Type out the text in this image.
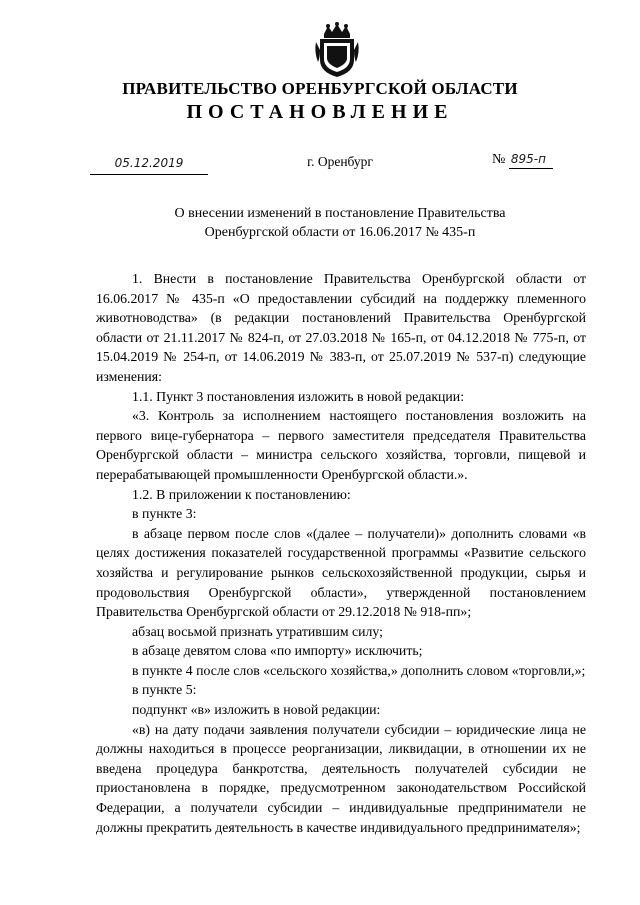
ПРАВИТЕЛЬСТВО ОРЕНБУРГСКОЙ ОБЛАСТИ
ПОСТАНОВЛЕНИЕ
05.12.2019	г. Оренбург	№ 895-п
О внесении изменений в постановление Правительства
Оренбургской области от 16.06.2017 № 435-п

1. Внести в постановление Правительства Оренбургской области от 16.06.2017 № 435-п «О предоставлении субсидий на поддержку племенного животноводства» (в редакции постановлений Правительства Оренбургской области от 21.11.2017 № 824-п, от 27.03.2018 № 165-п, от 04.12.2018 № 775-п, от 15.04.2019 № 254-п, от 14.06.2019 № 383-п, от 25.07.2019 № 537-п) следующие изменения:

1.1. Пункт 3 постановления изложить в новой редакции:

«3. Контроль за исполнением настоящего постановления возложить на первого вице-губернатора – первого заместителя председателя Правительства Оренбургской области – министра сельского хозяйства, торговли, пищевой и перерабатывающей промышленности Оренбургской области.».

1.2. В приложении к постановлению:

в пункте 3:

в абзаце первом после слов «(далее – получатели)» дополнить словами «в целях достижения показателей государственной программы «Развитие сельского хозяйства и регулирование рынков сельскохозяйственной продукции, сырья и продовольствия Оренбургской области», утвержденной постановлением Правительства Оренбургской области от 29.12.2018 № 918-пп»;

абзац восьмой признать утратившим силу;

в абзаце девятом слова «по импорту» исключить;

в пункте 4 после слов «сельского хозяйства,» дополнить словом «торговли,»;

в пункте 5:

подпункт «в» изложить в новой редакции:

«в) на дату подачи заявления получатели субсидии – юридические лица не должны находиться в процессе реорганизации, ликвидации, в отношении их не введена процедура банкротства, деятельность получателей субсидии не приостановлена в порядке, предусмотренном законодательством Российской Федерации, а получатели субсидии – индивидуальные предприниматели не должны прекратить деятельность в качестве индивидуального предпринимателя»;
